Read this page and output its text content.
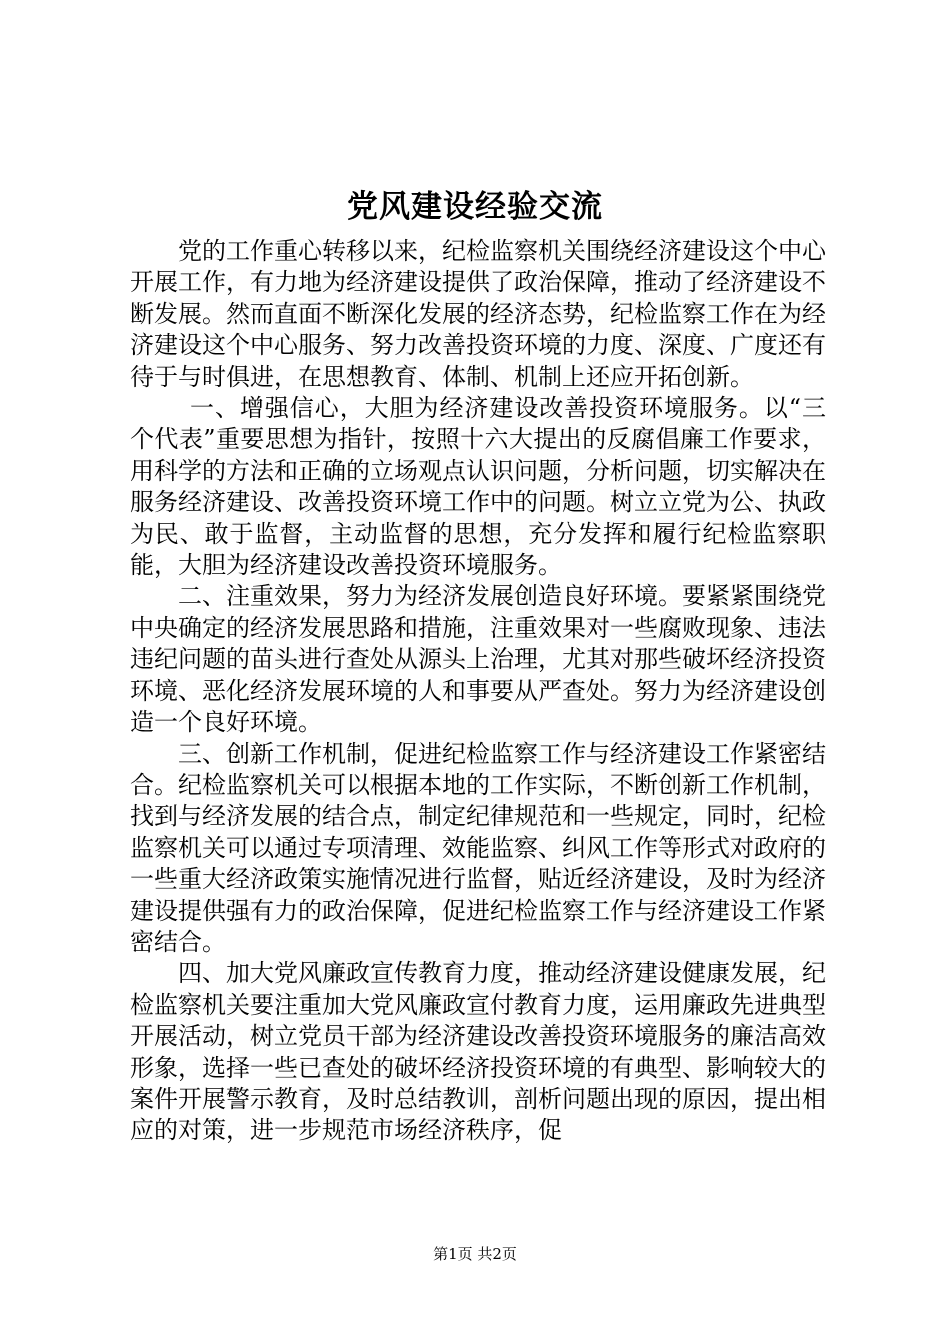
党风建设经验交流

党的工作重心转移以来，纪检监察机关围绕经济建设这个中心开展工作，有力地为经济建设提供了政治保障，推动了经济建设不断发展。然而直面不断深化发展的经济态势，纪检监察工作在为经济建设这个中心服务、努力改善投资环境的力度、深度、广度还有待于与时俱进，在思想教育、体制、机制上还应开拓创新。

一、增强信心，大胆为经济建设改善投资环境服务。以“三个代表”重要思想为指针，按照十六大提出的反腐倡廉工作要求，用科学的方法和正确的立场观点认识问题，分析问题，切实解决在服务经济建设、改善投资环境工作中的问题。树立立党为公、执政为民、敢于监督，主动监督的思想，充分发挥和履行纪检监察职能，大胆为经济建设改善投资环境服务。

二、注重效果，努力为经济发展创造良好环境。要紧紧围绕党中央确定的经济发展思路和措施，注重效果对一些腐败现象、违法违纪问题的苗头进行查处从源头上治理，尤其对那些破坏经济投资环境、恶化经济发展环境的人和事要从严查处。努力为经济建设创造一个良好环境。

三、创新工作机制，促进纪检监察工作与经济建设工作紧密结合。纪检监察机关可以根据本地的工作实际，不断创新工作机制，找到与经济发展的结合点，制定纪律规范和一些规定，同时，纪检监察机关可以通过专项清理、效能监察、纠风工作等形式对政府的一些重大经济政策实施情况进行监督，贴近经济建设，及时为经济建设提供强有力的政治保障，促进纪检监察工作与经济建设工作紧密结合。

四、加大党风廉政宣传教育力度，推动经济建设健康发展，纪检监察机关要注重加大党风廉政宣付教育力度，运用廉政先进典型开展活动，树立党员干部为经济建设改善投资环境服务的廉洁高效形象，选择一些已查处的破坏经济投资环境的有典型、影响较大的案件开展警示教育，及时总结教训，剖析问题出现的原因，提出相应的对策，进一步规范市场经济秩序，促

第1页 共2页
